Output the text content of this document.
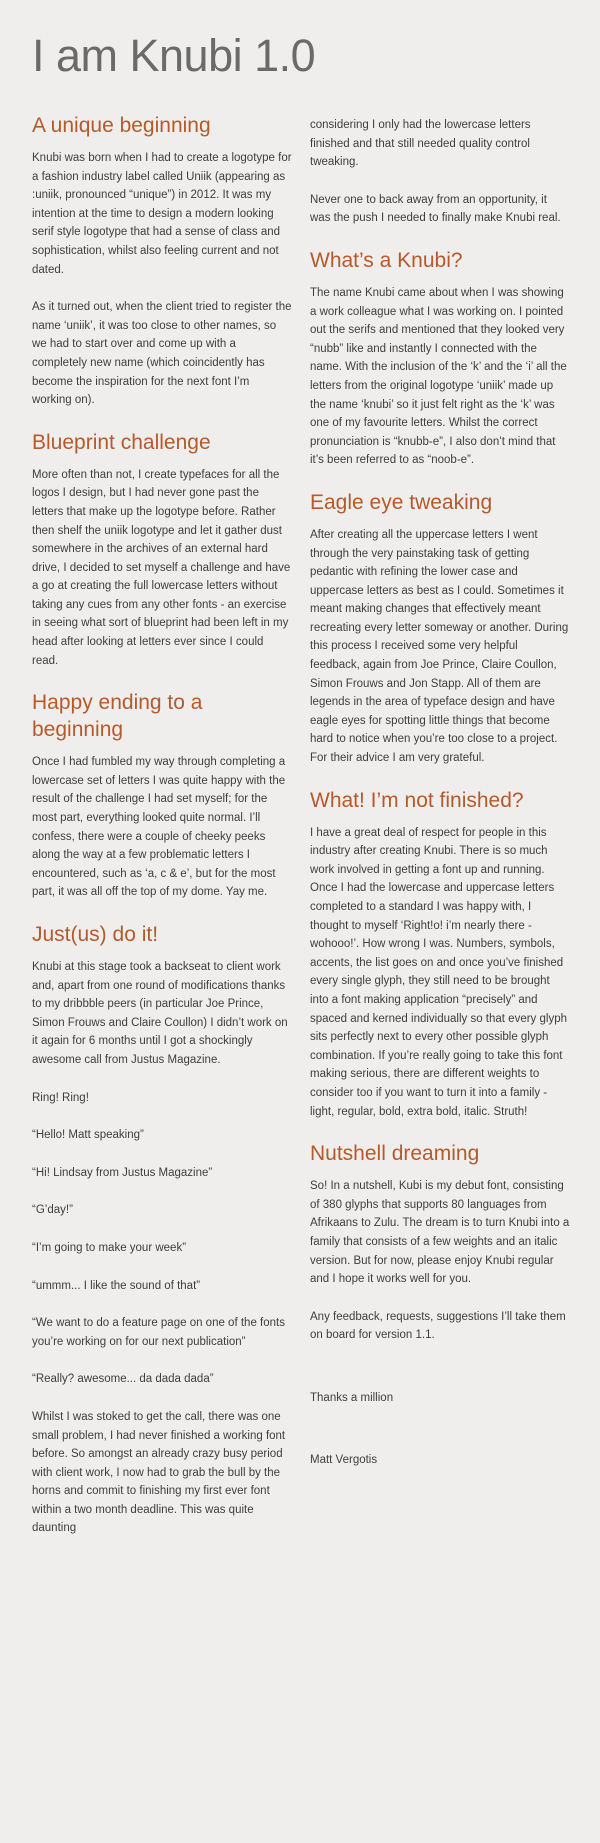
I am Knubi 1.0
A unique beginning

Knubi was born when I had to create a logotype for a fashion industry label called Uniik (appearing as :uniik, pronounced “unique”) in 2012. It was my intention at the time to design a modern looking serif style logotype that had a sense of class and sophistication, whilst also feeling current and not dated.

As it turned out, when the client tried to register the name ‘uniik’, it was too close to other names, so we had to start over and come up with a completely new name (which coincidently has become the inspiration for the next font I’m working on).

Blueprint challenge

More often than not, I create typefaces for all the logos I design, but I had never gone past the letters that make up the logotype before. Rather then shelf the uniik logotype and let it gather dust somewhere in the archives of an external hard drive, I decided to set myself a challenge and have a go at creating the full lowercase letters without taking any cues from any other fonts - an exercise in seeing what sort of blueprint had been left in my head after looking at letters ever since I could read.

Happy ending to a beginning

Once I had fumbled my way through completing a lowercase set of letters I was quite happy with the result of the challenge I had set myself; for the most part, everything looked quite normal. I’ll confess, there were a couple of cheeky peeks along the way at a few problematic letters I encountered, such as ‘a, c & e’, but for the most part, it was all off the top of my dome. Yay me.

Just(us) do it!

Knubi at this stage took a backseat to client work and, apart from one round of modifications thanks to my dribbble peers (in particular Joe Prince, Simon Frouws and Claire Coullon) I didn’t work on it again for 6 months until I got a shockingly awesome call from Justus Magazine.

Ring! Ring!

“Hello! Matt speaking”

“Hi! Lindsay from Justus Magazine”

“G’day!”

“I’m going to make your week”

“ummm... I like the sound of that”

“We want to do a feature page on one of the fonts you’re working on for our next publication”

“Really? awesome... da dada dada”

Whilst I was stoked to get the call, there was one small problem, I had never finished a working font before. So amongst an already crazy busy period with client work, I now had to grab the bull by the horns and commit to finishing my first ever font within a two month deadline. This was quite daunting

considering I only had the lowercase letters finished and that still needed quality control tweaking.

Never one to back away from an opportunity, it was the push I needed to finally make Knubi real.

What’s a Knubi?

The name Knubi came about when I was showing a work colleague what I was working on. I pointed out the serifs and mentioned that they looked very “nubb” like and instantly I connected with the name. With the inclusion of the ‘k’ and the ‘i’ all the letters from the original logotype ‘uniik’ made up the name ‘knubi’ so it just felt right as the ‘k’ was one of my favourite letters. Whilst the correct pronunciation is “knubb-e”, I also don’t mind that it’s been referred to as “noob-e”.

Eagle eye tweaking

After creating all the uppercase letters I went through the very painstaking task of getting pedantic with refining the lower case and uppercase letters as best as I could. Sometimes it meant making changes that effectively meant recreating every letter someway or another. During this process I received some very helpful feedback, again from Joe Prince, Claire Coullon, Simon Frouws and Jon Stapp. All of them are legends in the area of typeface design and have eagle eyes for spotting little things that become hard to notice when you’re too close to a project. For their advice I am very grateful.

What! I’m not finished?

I have a great deal of respect for people in this industry after creating Knubi. There is so much work involved in getting a font up and running. Once I had the lowercase and uppercase letters completed to a standard I was happy with, I thought to myself ‘Right!o! i’m nearly there - wohooo!’. How wrong I was. Numbers, symbols, accents, the list goes on and once you’ve finished every single glyph, they still need to be brought into a font making application “precisely” and spaced and kerned individually so that every glyph sits perfectly next to every other possible glyph combination. If you’re really going to take this font making serious, there are different weights to consider too if you want to turn it into a family - light, regular, bold, extra bold, italic. Struth!

Nutshell dreaming

So! In a nutshell, Kubi is my debut font, consisting of 380 glyphs that supports 80 languages from Afrikaans to Zulu. The dream is to turn Knubi into a family that consists of a few weights and an italic version. But for now, please enjoy Knubi regular and I hope it works well for you.

Any feedback, requests, suggestions I’ll take them on board for version 1.1.

Thanks a million

Matt Vergotis
